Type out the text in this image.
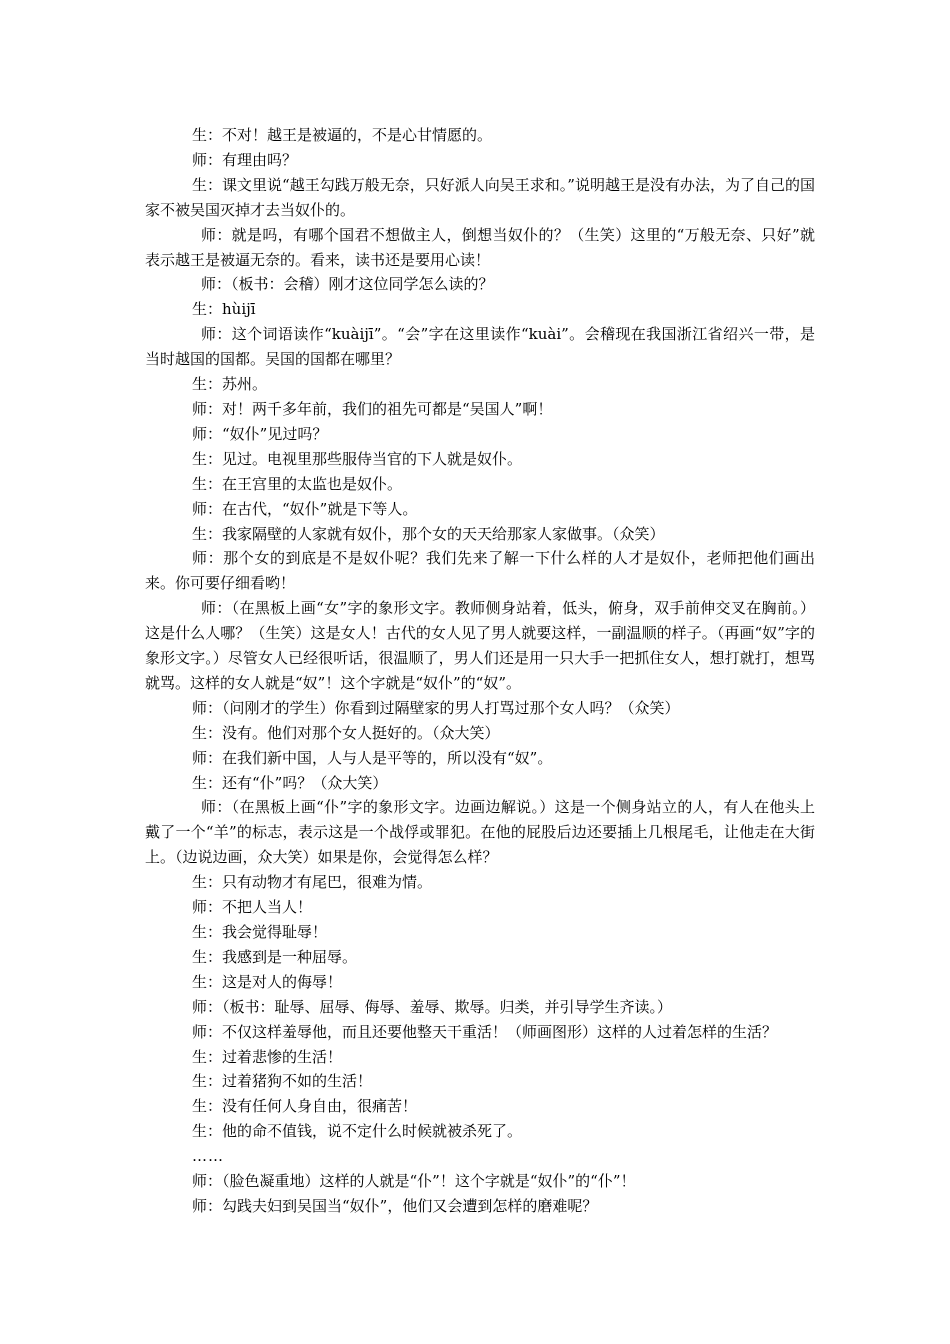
生：不对！越王是被逼的，不是心甘情愿的。

师：有理由吗？

生：课文里说“越王勾践万般无奈，只好派人向吴王求和。”说明越王是没有办法，为了自己的国家不被吴国灭掉才去当奴仆的。

师：就是吗，有哪个国君不想做主人，倒想当奴仆的？（生笑）这里的“万般无奈、只好”就表示越王是被逼无奈的。看来，读书还是要用心读！

师：（板书：会稽）刚才这位同学怎么读的？

生：hùijī

师：这个词语读作“kuàijī”。“会”字在这里读作“kuài”。会稽现在我国浙江省绍兴一带，是当时越国的国都。吴国的国都在哪里？

生：苏州。

师：对！两千多年前，我们的祖先可都是“吴国人”啊！

师：“奴仆”见过吗？

生：见过。电视里那些服侍当官的下人就是奴仆。

生：在王宫里的太监也是奴仆。

师：在古代，“奴仆”就是下等人。

生：我家隔壁的人家就有奴仆，那个女的天天给那家人家做事。（众笑）

师：那个女的到底是不是奴仆呢？我们先来了解一下什么样的人才是奴仆，老师把他们画出来。你可要仔细看哟！

师：（在黑板上画“女”字的象形文字。教师侧身站着，低头，俯身，双手前伸交叉在胸前。）这是什么人哪？（生笑）这是女人！古代的女人见了男人就要这样，一副温顺的样子。（再画“奴”字的象形文字。）尽管女人已经很听话，很温顺了，男人们还是用一只大手一把抓住女人，想打就打，想骂就骂。这样的女人就是“奴”！这个字就是“奴仆”的“奴”。

师：（问刚才的学生）你看到过隔壁家的男人打骂过那个女人吗？（众笑）

生：没有。他们对那个女人挺好的。（众大笑）

师：在我们新中国，人与人是平等的，所以没有“奴”。

生：还有“仆”吗？（众大笑）

师：（在黑板上画“仆”字的象形文字。边画边解说。）这是一个侧身站立的人，有人在他头上戴了一个“羊”的标志，表示这是一个战俘或罪犯。在他的屁股后边还要插上几根尾毛，让他走在大街上。（边说边画，众大笑）如果是你，会觉得怎么样？

生：只有动物才有尾巴，很难为情。

师：不把人当人！

生：我会觉得耻辱！

生：我感到是一种屈辱。

生：这是对人的侮辱！

师：（板书：耻辱、屈辱、侮辱、羞辱、欺辱。归类，并引导学生齐读。）

师：不仅这样羞辱他，而且还要他整天干重活！（师画图形）这样的人过着怎样的生活？

生：过着悲惨的生活！

生：过着猪狗不如的生活！

生：没有任何人身自由，很痛苦！

生：他的命不值钱，说不定什么时候就被杀死了。

……

师：（脸色凝重地）这样的人就是“仆”！这个字就是“奴仆”的“仆”！

师：勾践夫妇到吴国当“奴仆”，他们又会遭到怎样的磨难呢？
